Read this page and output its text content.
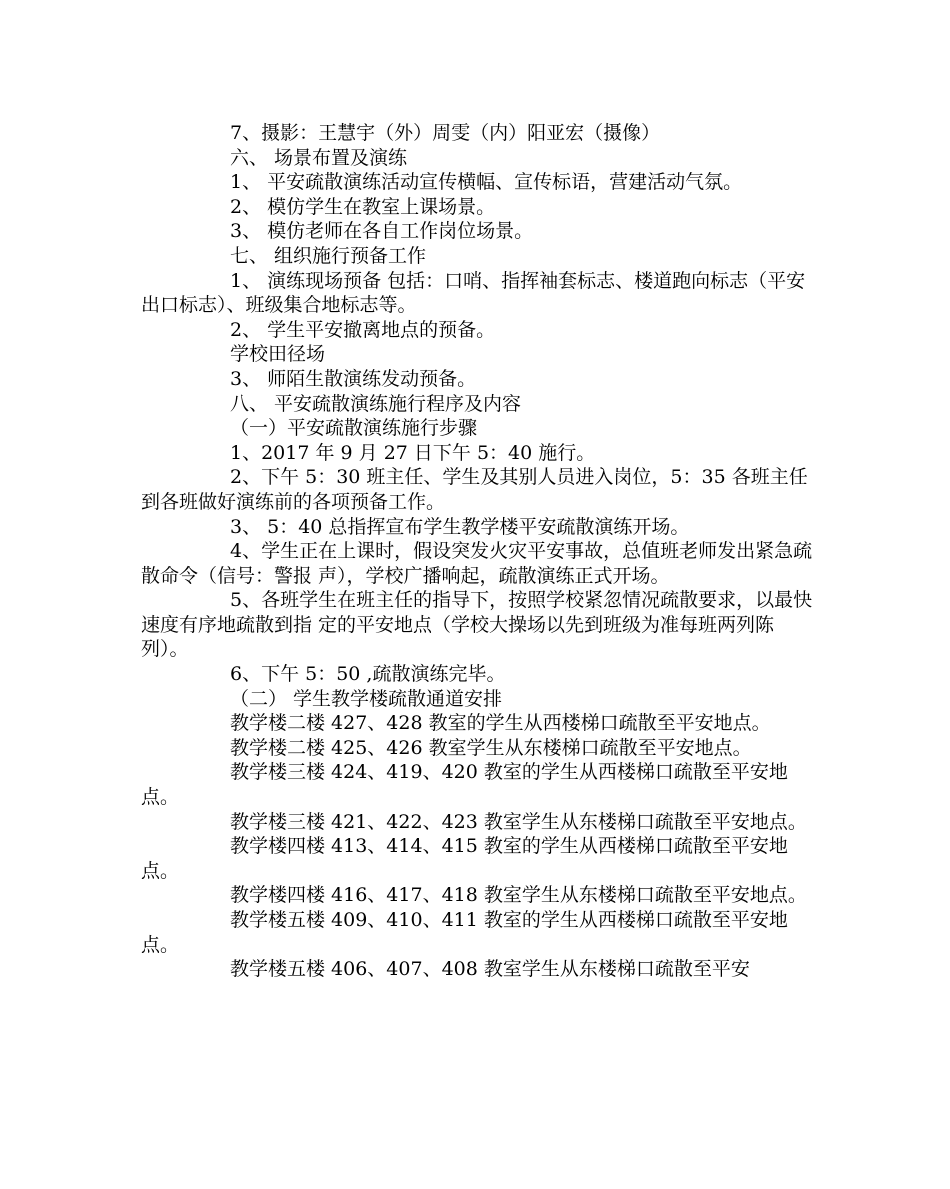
7、摄影：王慧宇（外）周雯（内）阳亚宏（摄像）
六、 场景布置及演练
1、 平安疏散演练活动宣传横幅、宣传标语，营建活动气氛。
2、 模仿学生在教室上课场景。
3、 模仿老师在各自工作岗位场景。
七、 组织施行预备工作
1、 演练现场预备 包括：口哨、指挥袖套标志、楼道跑向标志（平安出口标志）、班级集合地标志等。
2、 学生平安撤离地点的预备。
学校田径场
3、 师陌生散演练发动预备。
八、 平安疏散演练施行程序及内容
（一）平安疏散演练施行步骤
1、2017 年 9 月 27 日下午 5：40 施行。
2、下午 5：30 班主任、学生及其别人员进入岗位，5：35 各班主任到各班做好演练前的各项预备工作。
3、 5：40 总指挥宣布学生教学楼平安疏散演练开场。
4、学生正在上课时，假设突发火灾平安事故，总值班老师发出紧急疏散命令（信号：警报 声），学校广播响起，疏散演练正式开场。
5、各班学生在班主任的指导下，按照学校紧忽情况疏散要求，以最快速度有序地疏散到指 定的平安地点（学校大操场以先到班级为准每班两列陈列）。
6、下午 5：50 ,疏散演练完毕。
（二） 学生教学楼疏散通道安排
教学楼二楼 427、428 教室的学生从西楼梯口疏散至平安地点。
教学楼二楼 425、426 教室学生从东楼梯口疏散至平安地点。
教学楼三楼 424、419、420 教室的学生从西楼梯口疏散至平安地点。
教学楼三楼 421、422、423 教室学生从东楼梯口疏散至平安地点。
教学楼四楼 413、414、415 教室的学生从西楼梯口疏散至平安地点。
教学楼四楼 416、417、418 教室学生从东楼梯口疏散至平安地点。
教学楼五楼 409、410、411 教室的学生从西楼梯口疏散至平安地点。
教学楼五楼 406、407、408 教室学生从东楼梯口疏散至平安
